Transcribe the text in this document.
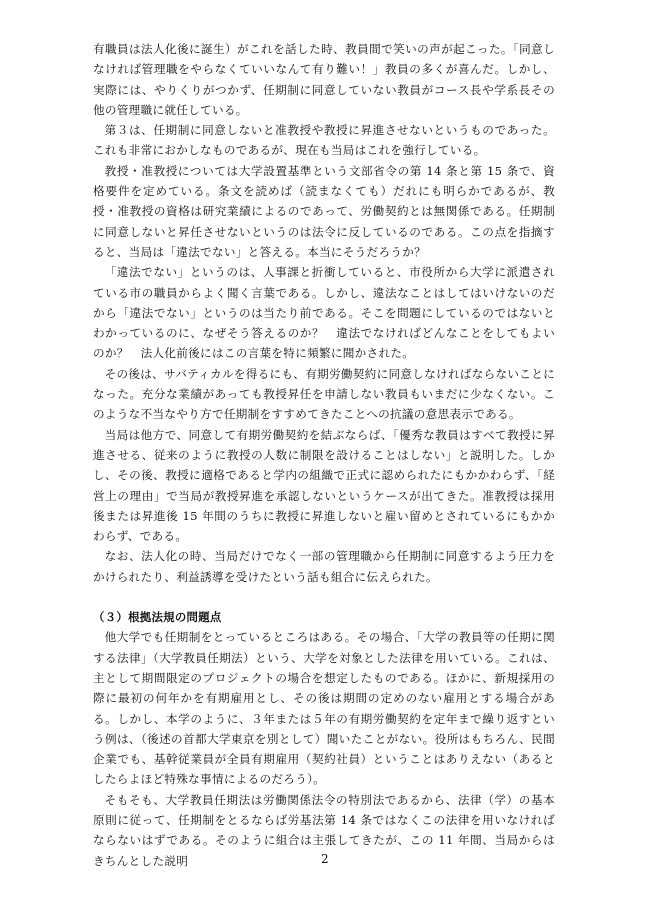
有職員は法人化後に誕生）がこれを話した時、教員間で笑いの声が起こった。「同意しなければ管理職をやらなくていいなんて有り難い！」教員の多くが喜んだ。しかし、実際には、やりくりがつかず、任期制に同意していない教員がコース長や学系長その他の管理職に就任している。

第３は、任期制に同意しないと准教授や教授に昇進させないというものであった。これも非常におかしなものであるが、現在も当局はこれを強行している。

教授・准教授については大学設置基準という文部省令の第 14 条と第 15 条で、資格要件を定めている。条文を読めば（読まなくても）だれにも明らかであるが、教授・准教授の資格は研究業績によるのであって、労働契約とは無関係である。任期制に同意しないと昇任させないというのは法令に反しているのである。この点を指摘すると、当局は「違法でない」と答える。本当にそうだろうか？

「違法でない」というのは、人事課と折衝していると、市役所から大学に派遣されている市の職員からよく聞く言葉である。しかし、違法なことはしてはいけないのだから「違法でない」というのは当たり前である。そこを問題にしているのではないとわかっているのに、なぜそう答えるのか？　違法でなければどんなことをしてもよいのか？　法人化前後にはこの言葉を特に頻繁に聞かされた。

その後は、サバティカルを得るにも、有期労働契約に同意しなければならないことになった。充分な業績があっても教授昇任を申請しない教員もいまだに少なくない。このような不当なやり方で任期制をすすめてきたことへの抗議の意思表示である。

当局は他方で、同意して有期労働契約を結ぶならば、「優秀な教員はすべて教授に昇進させる、従来のように教授の人数に制限を設けることはしない」と説明した。しかし、その後、教授に適格であると学内の組織で正式に認められたにもかかわらず、「経営上の理由」で当局が教授昇進を承認しないというケースが出てきた。准教授は採用後または昇進後 15 年間のうちに教授に昇進しないと雇い留めとされているにもかかわらず、である。

なお、法人化の時、当局だけでなく一部の管理職から任期制に同意するよう圧力をかけられたり、利益誘導を受けたという話も組合に伝えられた。

（３）根拠法規の問題点

他大学でも任期制をとっているところはある。その場合、「大学の教員等の任期に関する法律」（大学教員任期法）という、大学を対象とした法律を用いている。これは、主として期間限定のプロジェクトの場合を想定したものである。ほかに、新規採用の際に最初の何年かを有期雇用とし、その後は期間の定めのない雇用とする場合がある。しかし、本学のように、３年または５年の有期労働契約を定年まで繰り返すという例は、（後述の首都大学東京を別として）聞いたことがない。役所はもちろん、民間企業でも、基幹従業員が全員有期雇用（契約社員）ということはありえない（あるとしたらよほど特殊な事情によるのだろう）。

そもそも、大学教員任期法は労働関係法令の特別法であるから、法律（学）の基本原則に従って、任期制をとるならば労基法第 14 条ではなくこの法律を用いなければならないはずである。そのように組合は主張してきたが、この 11 年間、当局からはきちんとした説明	2
